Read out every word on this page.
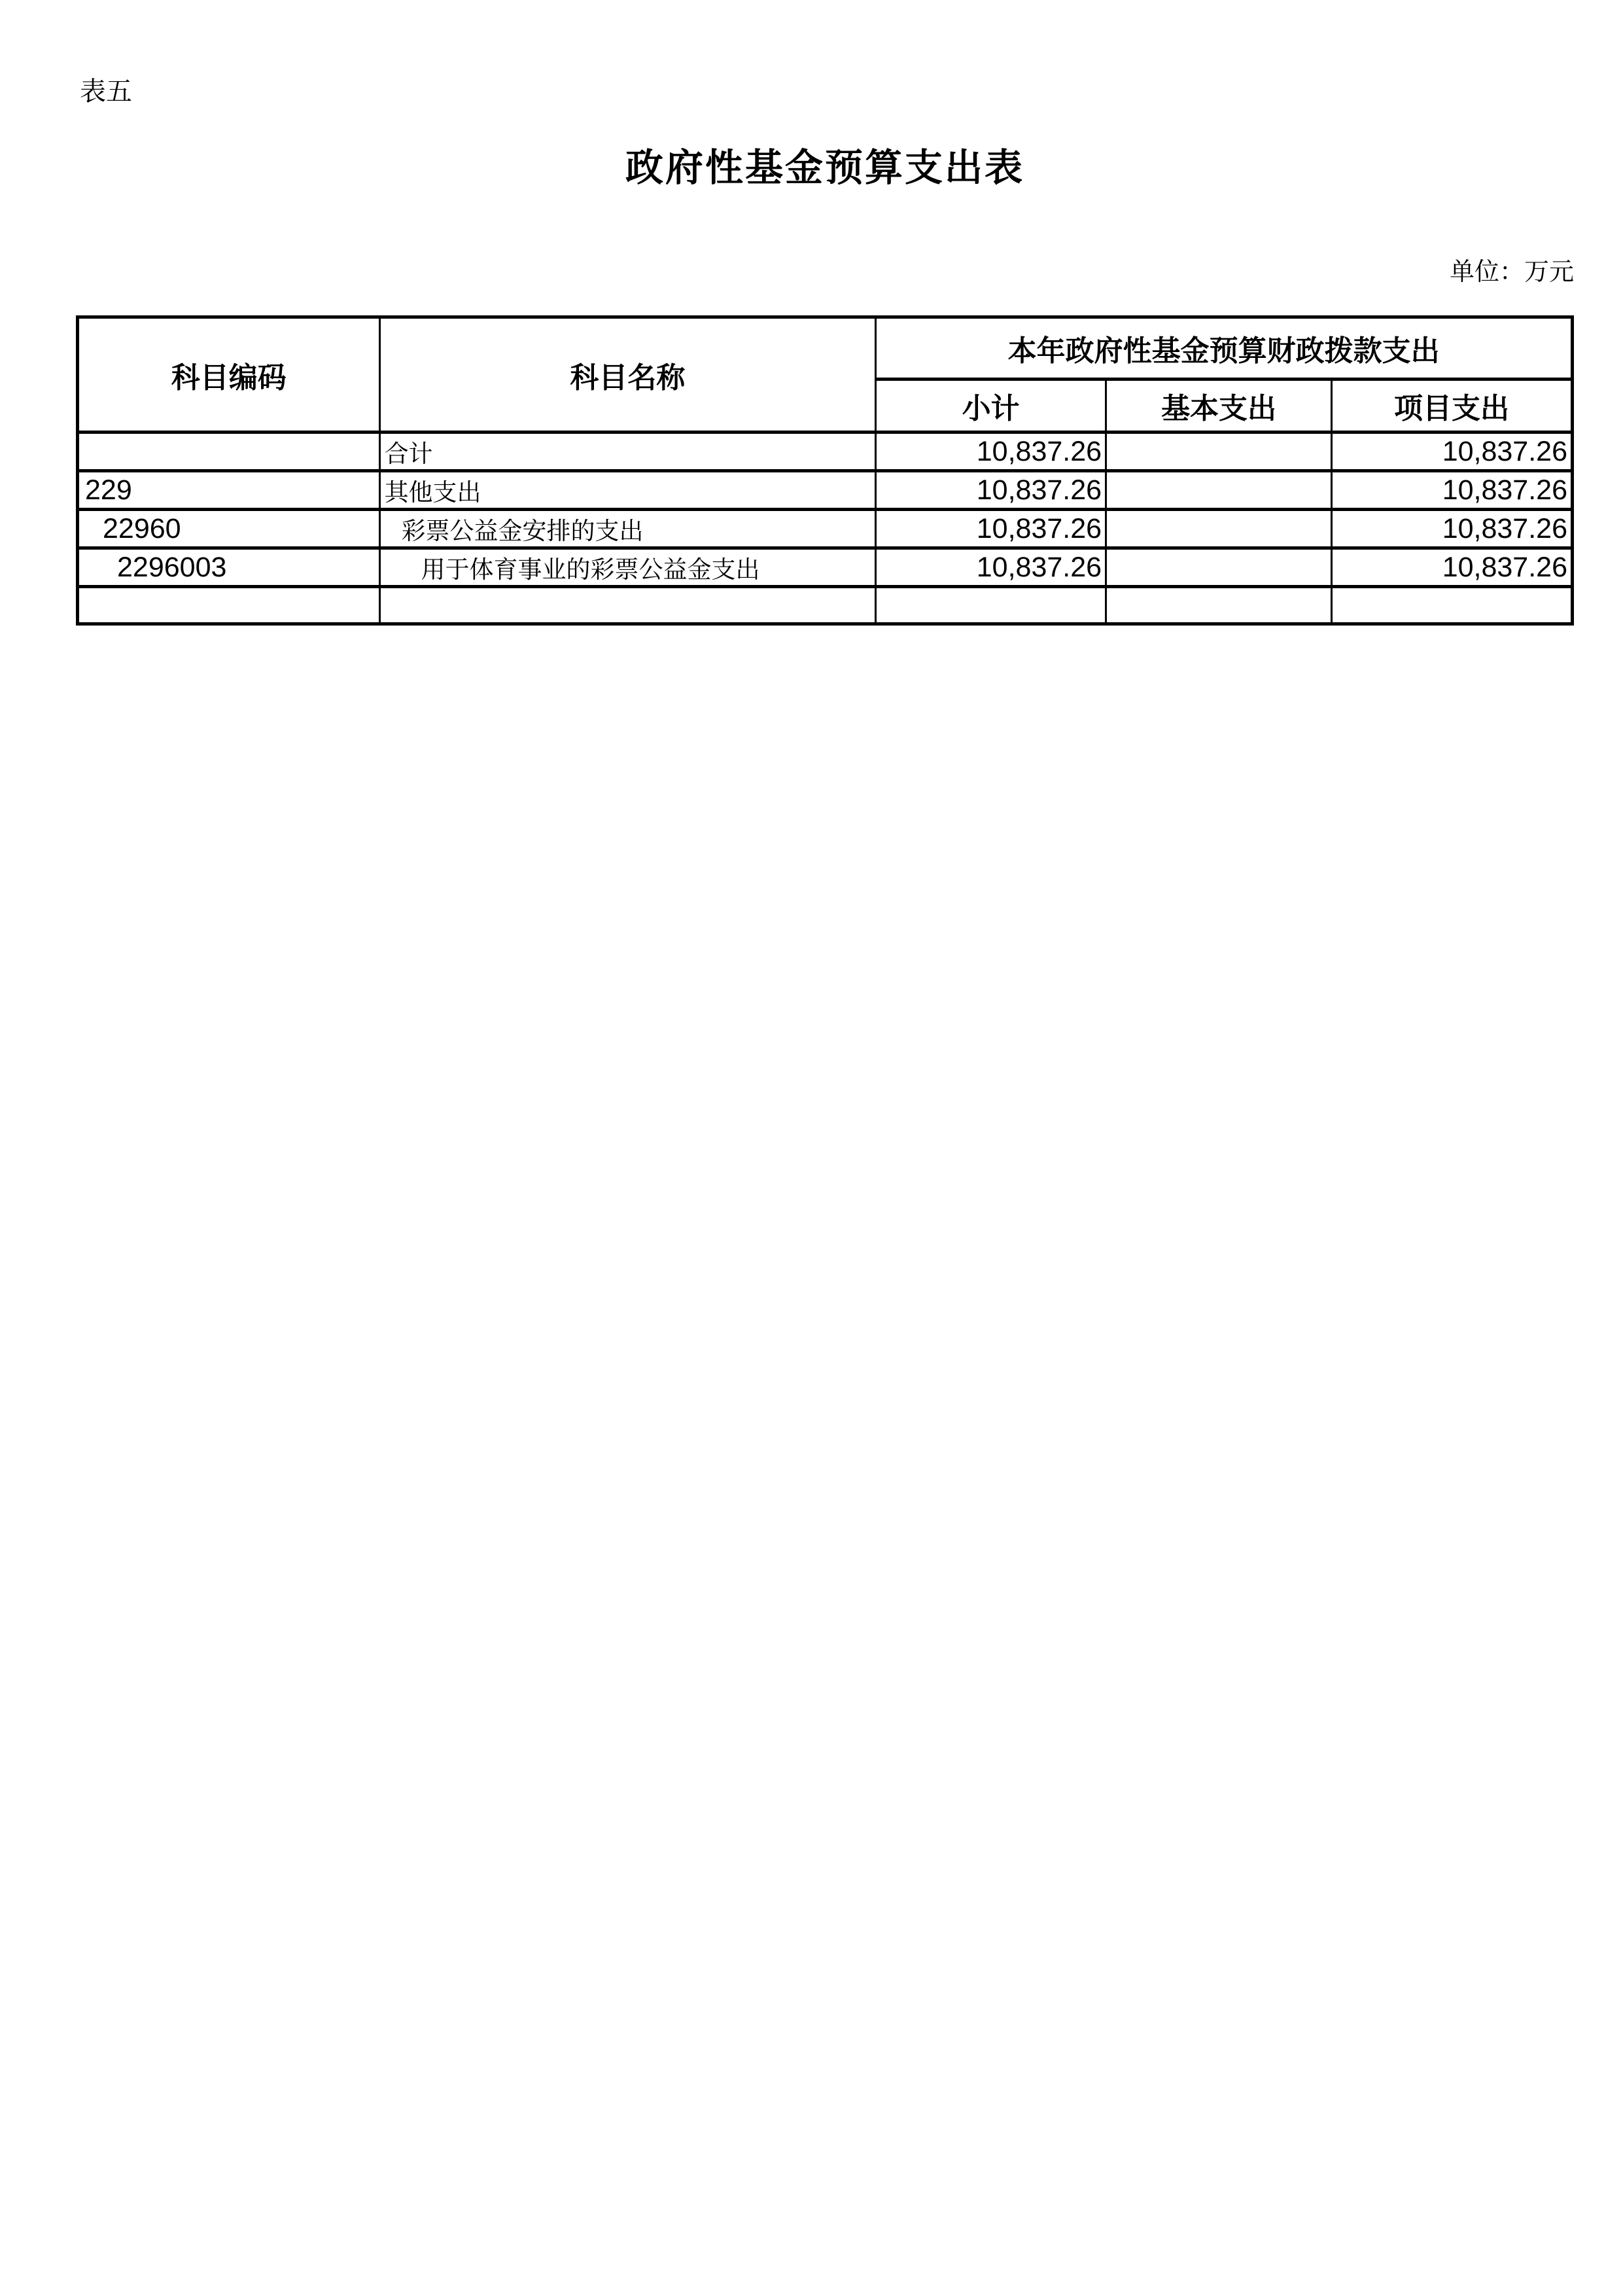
表五
政府性基金预算支出表
单位：万元
科目编码	科目名称	本年政府性基金预算财政拨款支出		
		小计	基本支出	项目支出
	合计	10,837.26		10,837.26
229	其他支出	10,837.26		10,837.26
22960	彩票公益金安排的支出	10,837.26		10,837.26
2296003	用于体育事业的彩票公益金支出	10,837.26		10,837.26
